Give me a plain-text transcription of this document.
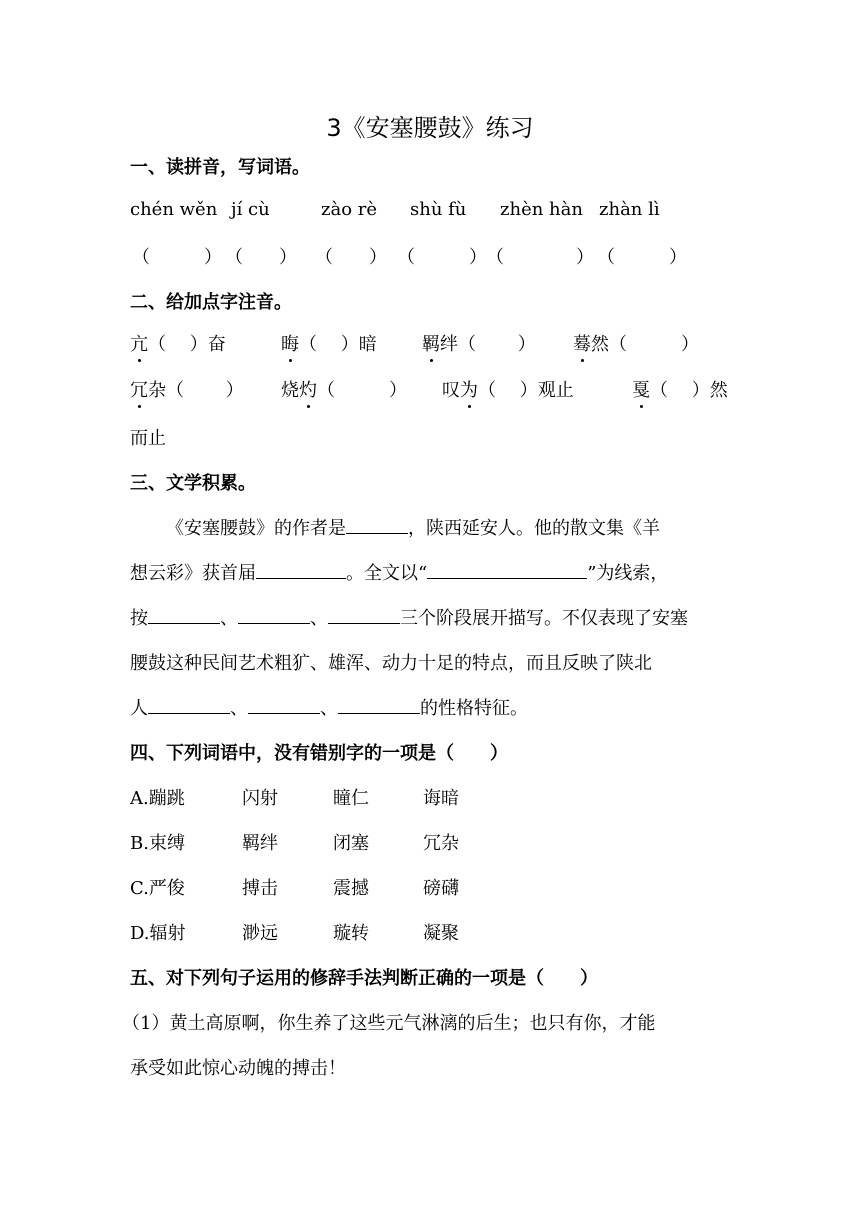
3《安塞腰鼓》练习
一、读拼音，写词语。
chén wěn jí cù	zào rè shù fù zhèn hàn zhàn lì
（　　　） （　　） （　　） （　　　） （　　　　） （　　　）
二、给加点字注音。
亢（　 ）奋	晦（　 ）暗	羁绊（　　 ） 蓦然（　　　）
冗杂（　　 ） 烧灼（　　　） 叹为（　 ）观止	戛（　 ）然
而止
三、文学积累。
《安塞腰鼓》的作者是	，陕西延安人。他的散文集《羊
想云彩》获首届	。全文以“	”为线索，
按	、	、	三个阶段展开描写。不仅表现了安塞
腰鼓这种民间艺术粗犷、雄浑、动力十足的特点，而且反映了陕北
人	、	、	的性格特征。
四、下列词语中，没有错别字的一项是（　　）
A.蹦跳	闪射	瞳仁	诲暗
B.束缚	羁绊	闭塞	冗杂
C.严俊	搏击	震撼	磅礴
D.辐射	渺远	璇转	凝聚
五、对下列句子运用的修辞手法判断正确的一项是（　　）
（1）黄土高原啊，你生养了这些元气淋漓的后生；也只有你，才能
承受如此惊心动魄的搏击！
